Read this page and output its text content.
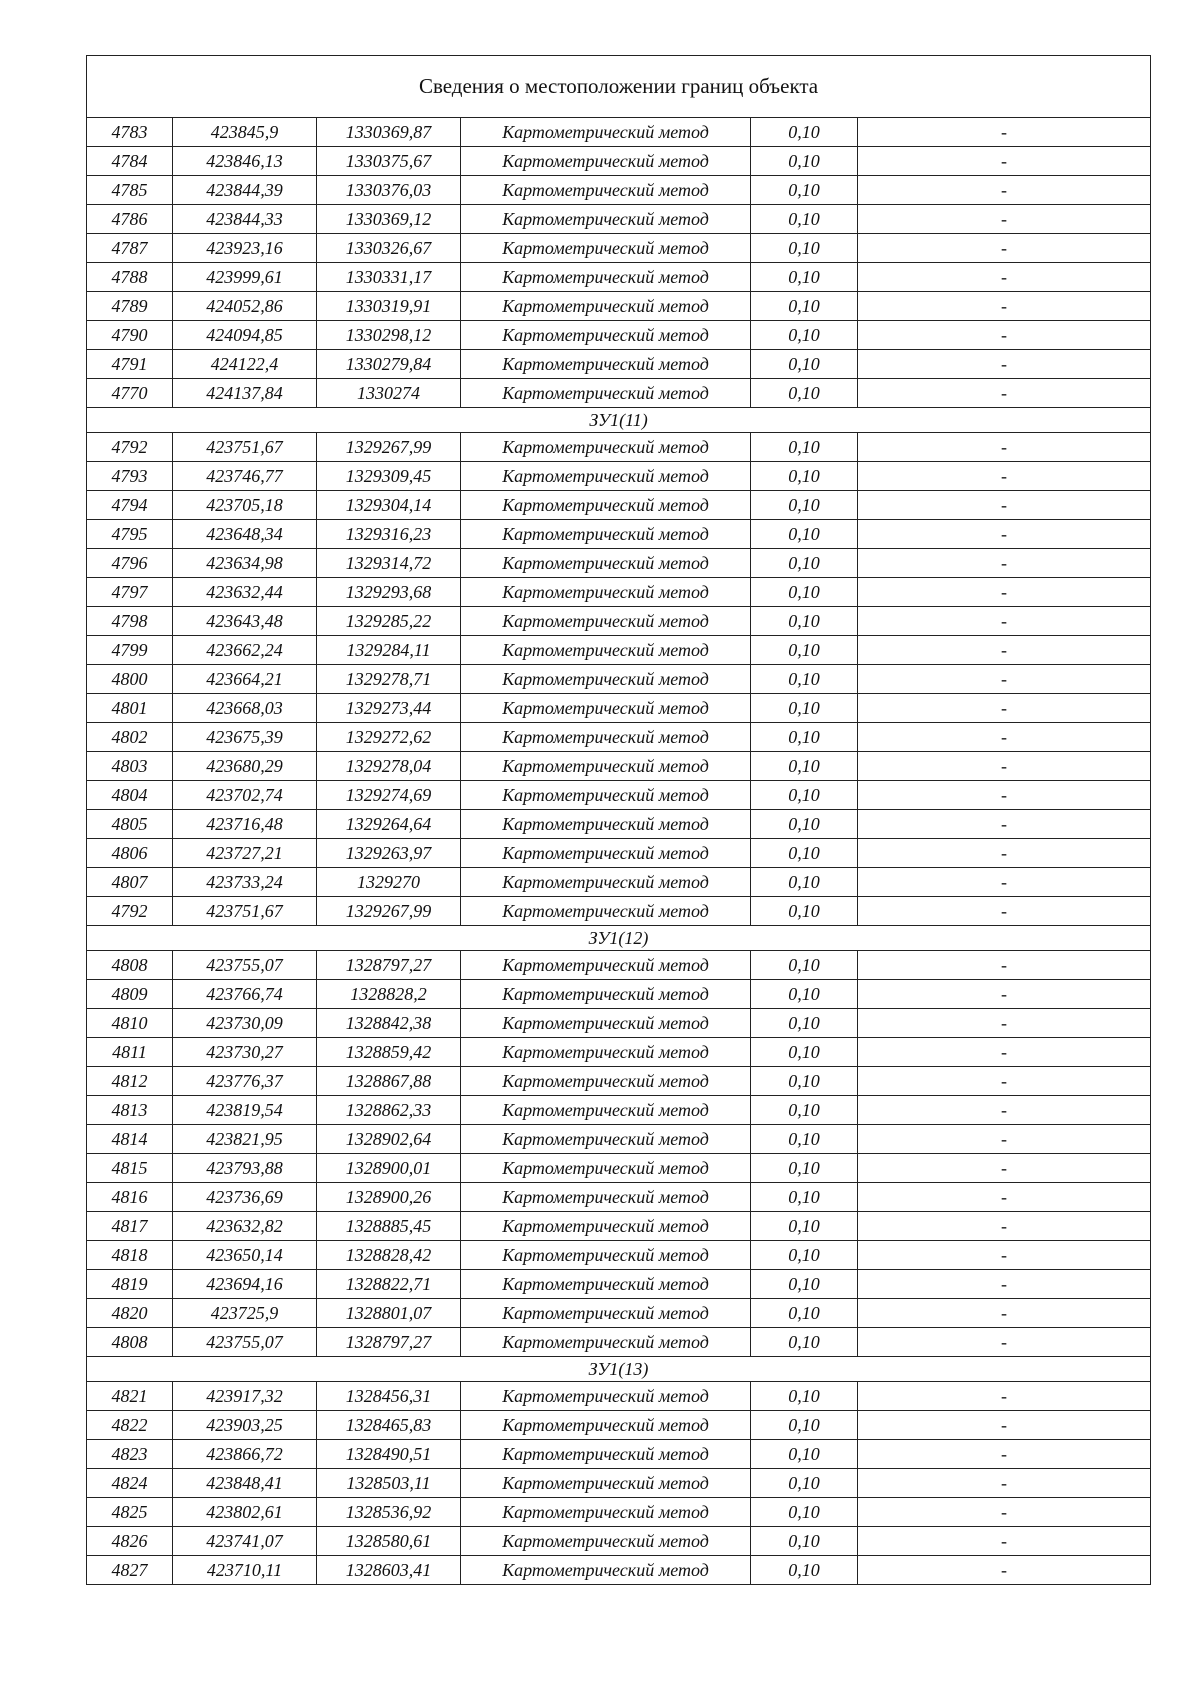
Сведения о местоположении границ объекта					
4783	423845,9	1330369,87	Картометрический метод	0,10	-
4784	423846,13	1330375,67	Картометрический метод	0,10	-
4785	423844,39	1330376,03	Картометрический метод	0,10	-
4786	423844,33	1330369,12	Картометрический метод	0,10	-
4787	423923,16	1330326,67	Картометрический метод	0,10	-
4788	423999,61	1330331,17	Картометрический метод	0,10	-
4789	424052,86	1330319,91	Картометрический метод	0,10	-
4790	424094,85	1330298,12	Картометрический метод	0,10	-
4791	424122,4	1330279,84	Картометрический метод	0,10	-
4770	424137,84	1330274	Картометрический метод	0,10	-
ЗУ1(11)					
4792	423751,67	1329267,99	Картометрический метод	0,10	-
4793	423746,77	1329309,45	Картометрический метод	0,10	-
4794	423705,18	1329304,14	Картометрический метод	0,10	-
4795	423648,34	1329316,23	Картометрический метод	0,10	-
4796	423634,98	1329314,72	Картометрический метод	0,10	-
4797	423632,44	1329293,68	Картометрический метод	0,10	-
4798	423643,48	1329285,22	Картометрический метод	0,10	-
4799	423662,24	1329284,11	Картометрический метод	0,10	-
4800	423664,21	1329278,71	Картометрический метод	0,10	-
4801	423668,03	1329273,44	Картометрический метод	0,10	-
4802	423675,39	1329272,62	Картометрический метод	0,10	-
4803	423680,29	1329278,04	Картометрический метод	0,10	-
4804	423702,74	1329274,69	Картометрический метод	0,10	-
4805	423716,48	1329264,64	Картометрический метод	0,10	-
4806	423727,21	1329263,97	Картометрический метод	0,10	-
4807	423733,24	1329270	Картометрический метод	0,10	-
4792	423751,67	1329267,99	Картометрический метод	0,10	-
ЗУ1(12)					
4808	423755,07	1328797,27	Картометрический метод	0,10	-
4809	423766,74	1328828,2	Картометрический метод	0,10	-
4810	423730,09	1328842,38	Картометрический метод	0,10	-
4811	423730,27	1328859,42	Картометрический метод	0,10	-
4812	423776,37	1328867,88	Картометрический метод	0,10	-
4813	423819,54	1328862,33	Картометрический метод	0,10	-
4814	423821,95	1328902,64	Картометрический метод	0,10	-
4815	423793,88	1328900,01	Картометрический метод	0,10	-
4816	423736,69	1328900,26	Картометрический метод	0,10	-
4817	423632,82	1328885,45	Картометрический метод	0,10	-
4818	423650,14	1328828,42	Картометрический метод	0,10	-
4819	423694,16	1328822,71	Картометрический метод	0,10	-
4820	423725,9	1328801,07	Картометрический метод	0,10	-
4808	423755,07	1328797,27	Картометрический метод	0,10	-
ЗУ1(13)					
4821	423917,32	1328456,31	Картометрический метод	0,10	-
4822	423903,25	1328465,83	Картометрический метод	0,10	-
4823	423866,72	1328490,51	Картометрический метод	0,10	-
4824	423848,41	1328503,11	Картометрический метод	0,10	-
4825	423802,61	1328536,92	Картометрический метод	0,10	-
4826	423741,07	1328580,61	Картометрический метод	0,10	-
4827	423710,11	1328603,41	Картометрический метод	0,10	-
